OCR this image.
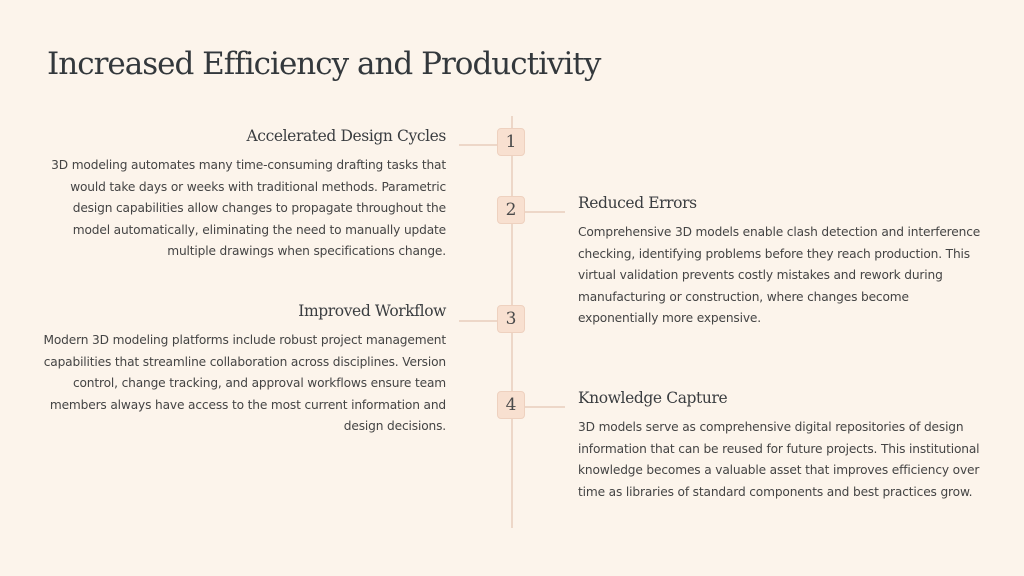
Increased Efficiency and Productivity
1
Accelerated Design Cycles

3D modeling automates many time-consuming drafting tasks that would take days or weeks with traditional methods. Parametric design capabilities allow changes to propagate throughout the model automatically, eliminating the need to manually update multiple drawings when specifications change.

2	Reduced Errors

Comprehensive 3D models enable clash detection and interference checking, identifying problems before they reach production. This virtual validation prevents costly mistakes and rework during manufacturing or construction, where changes become exponentially more expensive.

3
Improved Workflow

Modern 3D modeling platforms include robust project management capabilities that streamline collaboration across disciplines. Version control, change tracking, and approval workflows ensure team members always have access to the most current information and design decisions.

4	Knowledge Capture

3D models serve as comprehensive digital repositories of design information that can be reused for future projects. This institutional knowledge becomes a valuable asset that improves efficiency over time as libraries of standard components and best practices grow.
